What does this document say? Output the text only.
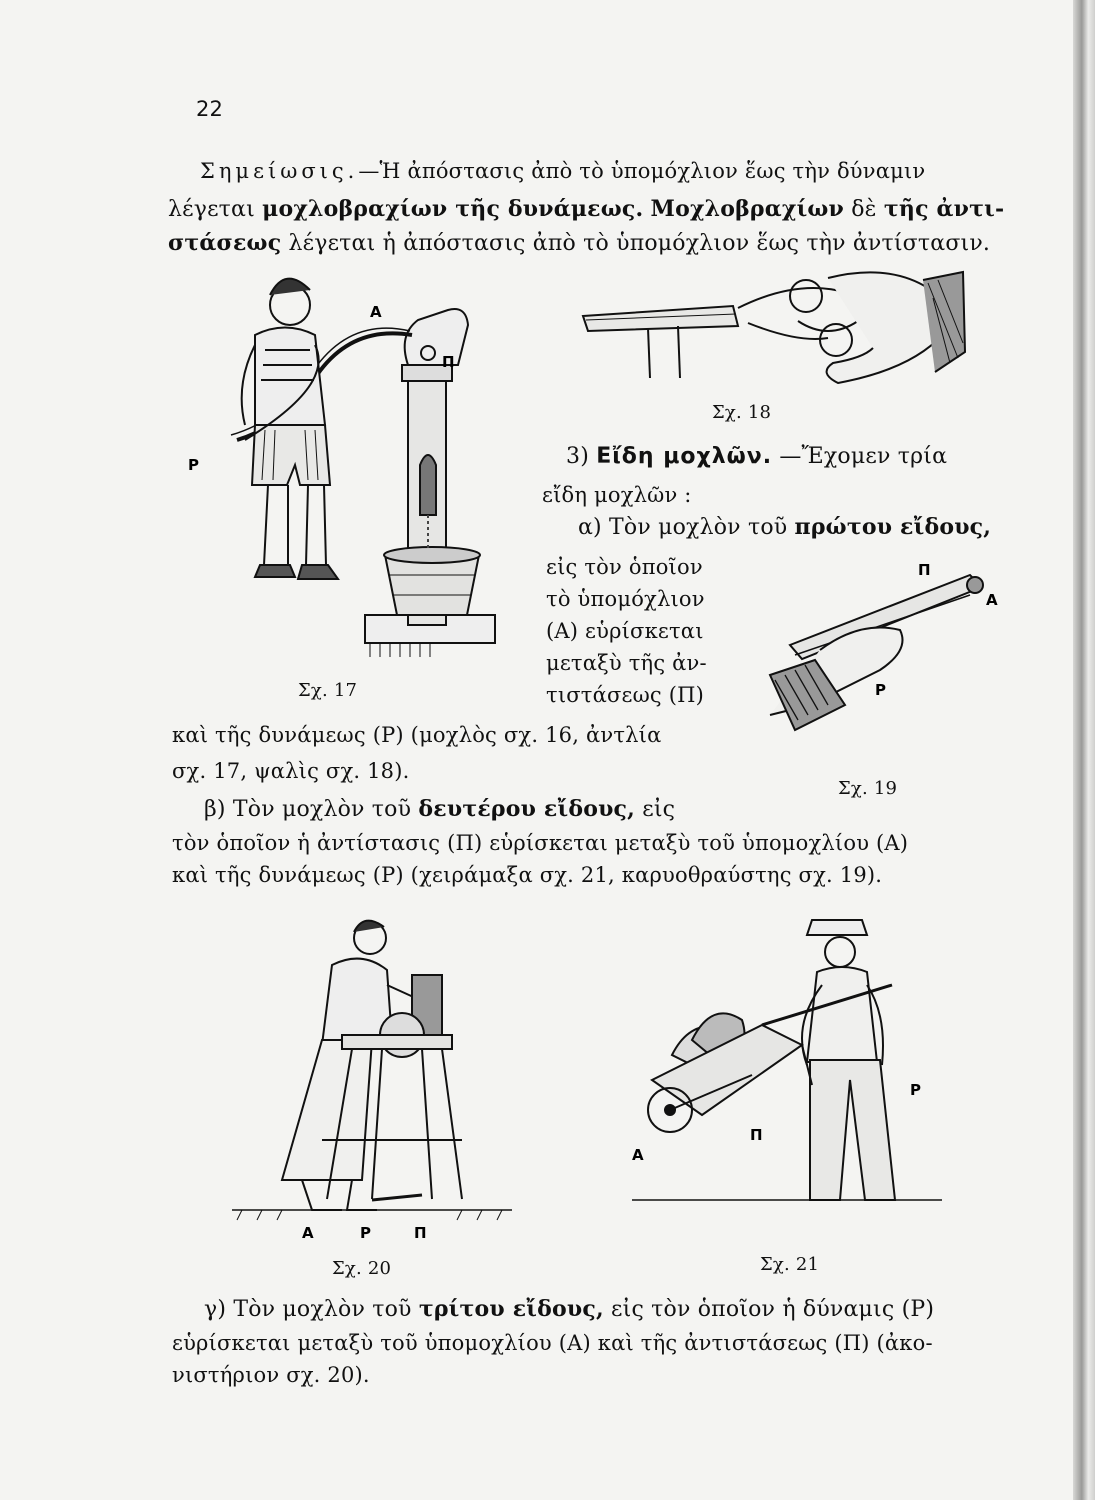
22
Σημείωσις.—Ἡ ἀπόστασις ἀπὸ τὸ ὑπομόχλιον ἕως τὴν δύναμιν
λέγεται μοχλοβραχίων τῆς δυνάμεως. Μοχλοβραχίων δὲ τῆς ἀντι-
στάσεως λέγεται ἡ ἀπόστασις ἀπὸ τὸ ὑπομόχλιον ἕως τὴν ἀντίστασιν.
Α
Π
Ρ
Σχ. 17
Σχ. 18
3) Εἴδη μοχλῶν. —Ἔχομεν τρία
εἴδη μοχλῶν :
α) Τὸν μοχλὸν τοῦ πρώτου εἴδους,
εἰς τὸν ὁποῖον
τὸ ὑπομόχλιον
(Α) εὑρίσκεται
μεταξὺ τῆς ἀν-
τιστάσεως (Π)
καὶ τῆς δυνάμεως (Ρ) (μοχλὸς σχ. 16, ἀντλία
σχ. 17, ψαλὶς σχ. 18).
Π
Α
Ρ
Σχ. 19
β) Τὸν μοχλὸν τοῦ δευτέρου εἴδους, εἰς
τὸν ὁποῖον ἡ ἀντίστασις (Π) εὑρίσκεται μεταξὺ τοῦ ὑπομοχλίου (Α)
καὶ τῆς δυνάμεως (Ρ) (χειράμαξα σχ. 21, καρυοθραύστης σχ. 19).
Α	Ρ	Π
Σχ. 20
Α
Π
Ρ
Σχ. 21
γ) Τὸν μοχλὸν τοῦ τρίτου εἴδους, εἰς τὸν ὁποῖον ἡ δύναμις (Ρ)
εὑρίσκεται μεταξὺ τοῦ ὑπομοχλίου (Α) καὶ τῆς ἀντιστάσεως (Π) (ἀκο-
νιστήριον σχ. 20).
